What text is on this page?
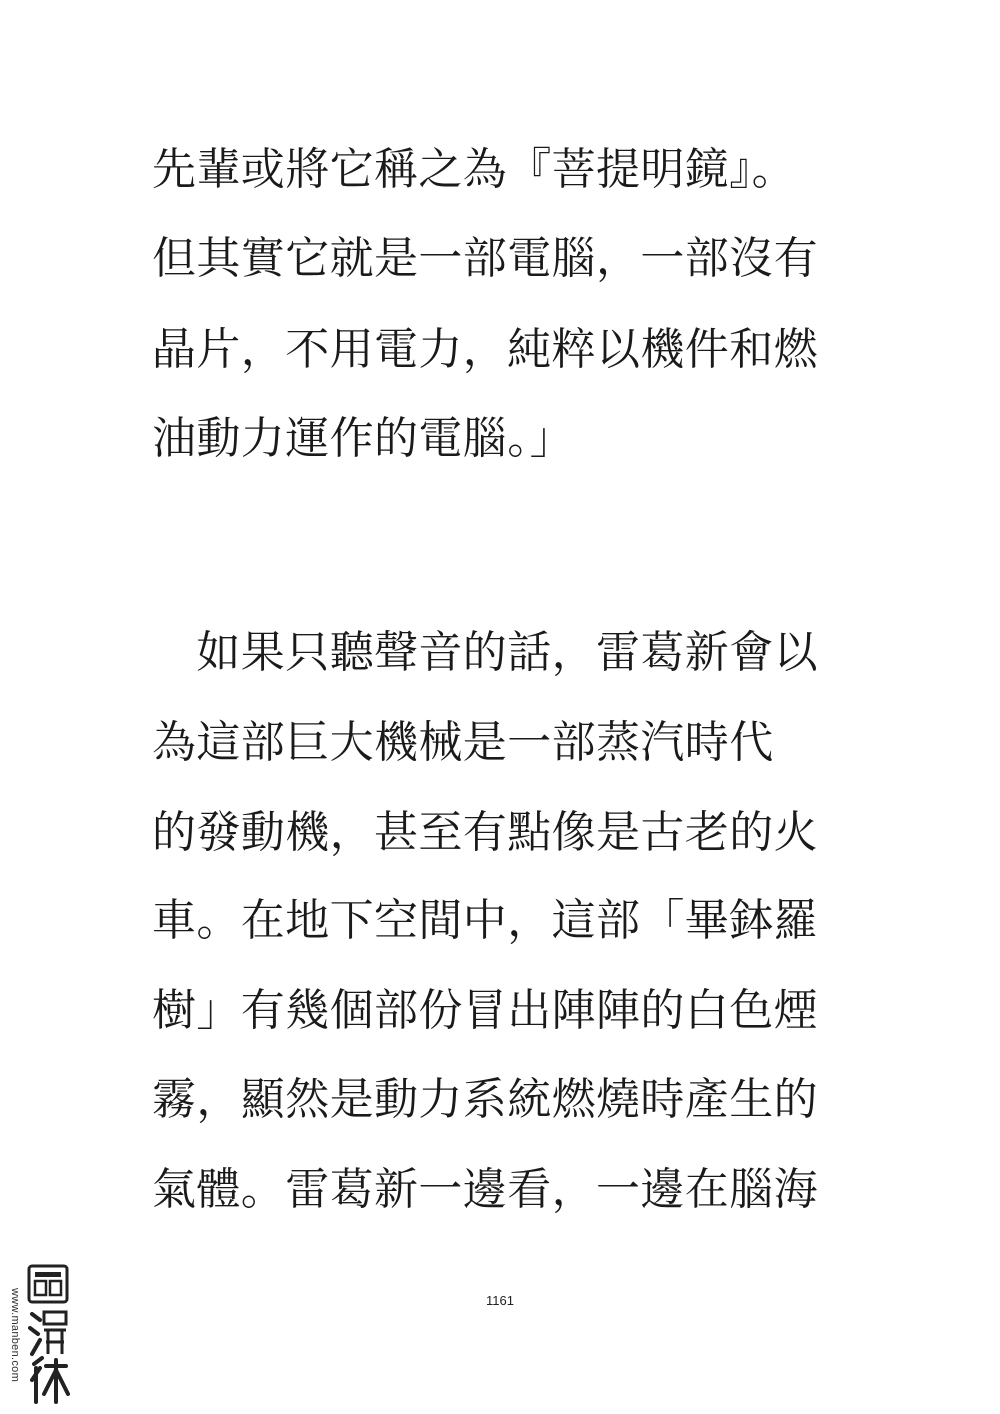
先輩或將它稱之為『菩提明鏡』。
但其實它就是一部電腦，一部沒有
晶片，不用電力，純粹以機件和燃
油動力運作的電腦。」
　如果只聽聲音的話，雷葛新會以
為這部巨大機械是一部蒸汽時代
的發動機，甚至有點像是古老的火
車。在地下空間中，這部「畢鉢羅
樹」有幾個部份冒出陣陣的白色煙
霧，顯然是動力系統燃燒時產生的
氣體。雷葛新一邊看，一邊在腦海
1161
www.manben.com
